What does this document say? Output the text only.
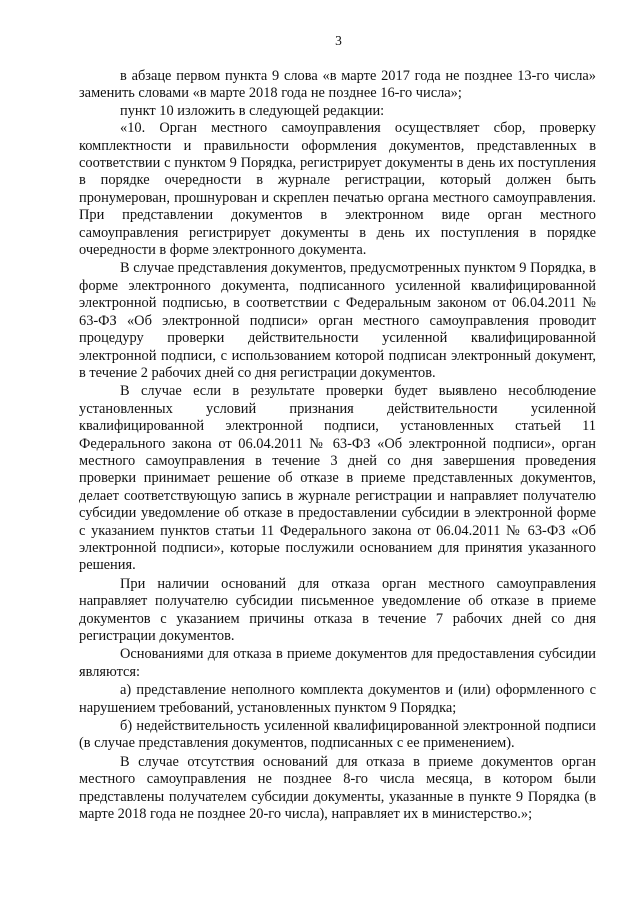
3

в абзаце первом пункта 9 слова «в марте 2017 года не позднее 13-го числа» заменить словами «в марте 2018 года не позднее 16-го числа»;

пункт 10 изложить в следующей редакции:

«10. Орган местного самоуправления осуществляет сбор, проверку комплектности и правильности оформления документов, представленных в соответствии с пунктом 9 Порядка, регистрирует документы в день их поступления в порядке очередности в журнале регистрации, который должен быть пронумерован, прошнурован и скреплен печатью органа местного самоуправления. При представлении документов в электронном виде орган местного самоуправления регистрирует документы в день их поступления в порядке очередности в форме электронного документа.

В случае представления документов, предусмотренных пунктом 9 Порядка, в форме электронного документа, подписанного усиленной квалифицированной электронной подписью, в соответствии с Федеральным законом от 06.04.2011 № 63-ФЗ «Об электронной подписи» орган местного самоуправления проводит процедуру проверки действительности усиленной квалифицированной электронной подписи, с использованием которой подписан электронный документ, в течение 2 рабочих дней со дня регистрации документов.

В случае если в результате проверки будет выявлено несоблюдение установленных условий признания действительности усиленной квалифицированной электронной подписи, установленных статьей 11 Федерального закона от 06.04.2011 № 63-ФЗ «Об электронной подписи», орган местного самоуправления в течение 3 дней со дня завершения проведения проверки принимает решение об отказе в приеме представленных документов, делает соответствующую запись в журнале регистрации и направляет получателю субсидии уведомление об отказе в предоставлении субсидии в электронной форме с указанием пунктов статьи 11 Федерального закона от 06.04.2011 № 63-ФЗ «Об электронной подписи», которые послужили основанием для принятия указанного решения.

При наличии оснований для отказа орган местного самоуправления направляет получателю субсидии письменное уведомление об отказе в приеме документов с указанием причины отказа в течение 7 рабочих дней со дня регистрации документов.

Основаниями для отказа в приеме документов для предоставления субсидии являются:

а) представление неполного комплекта документов и (или) оформленного с нарушением требований, установленных пунктом 9 Порядка;

б) недействительность усиленной квалифицированной электронной подписи (в случае представления документов, подписанных с ее применением).

В случае отсутствия оснований для отказа в приеме документов орган местного самоуправления не позднее 8-го числа месяца, в котором были представлены получателем субсидии документы, указанные в пункте 9 Порядка (в марте 2018 года не позднее 20-го числа), направляет их в министерство.»;
